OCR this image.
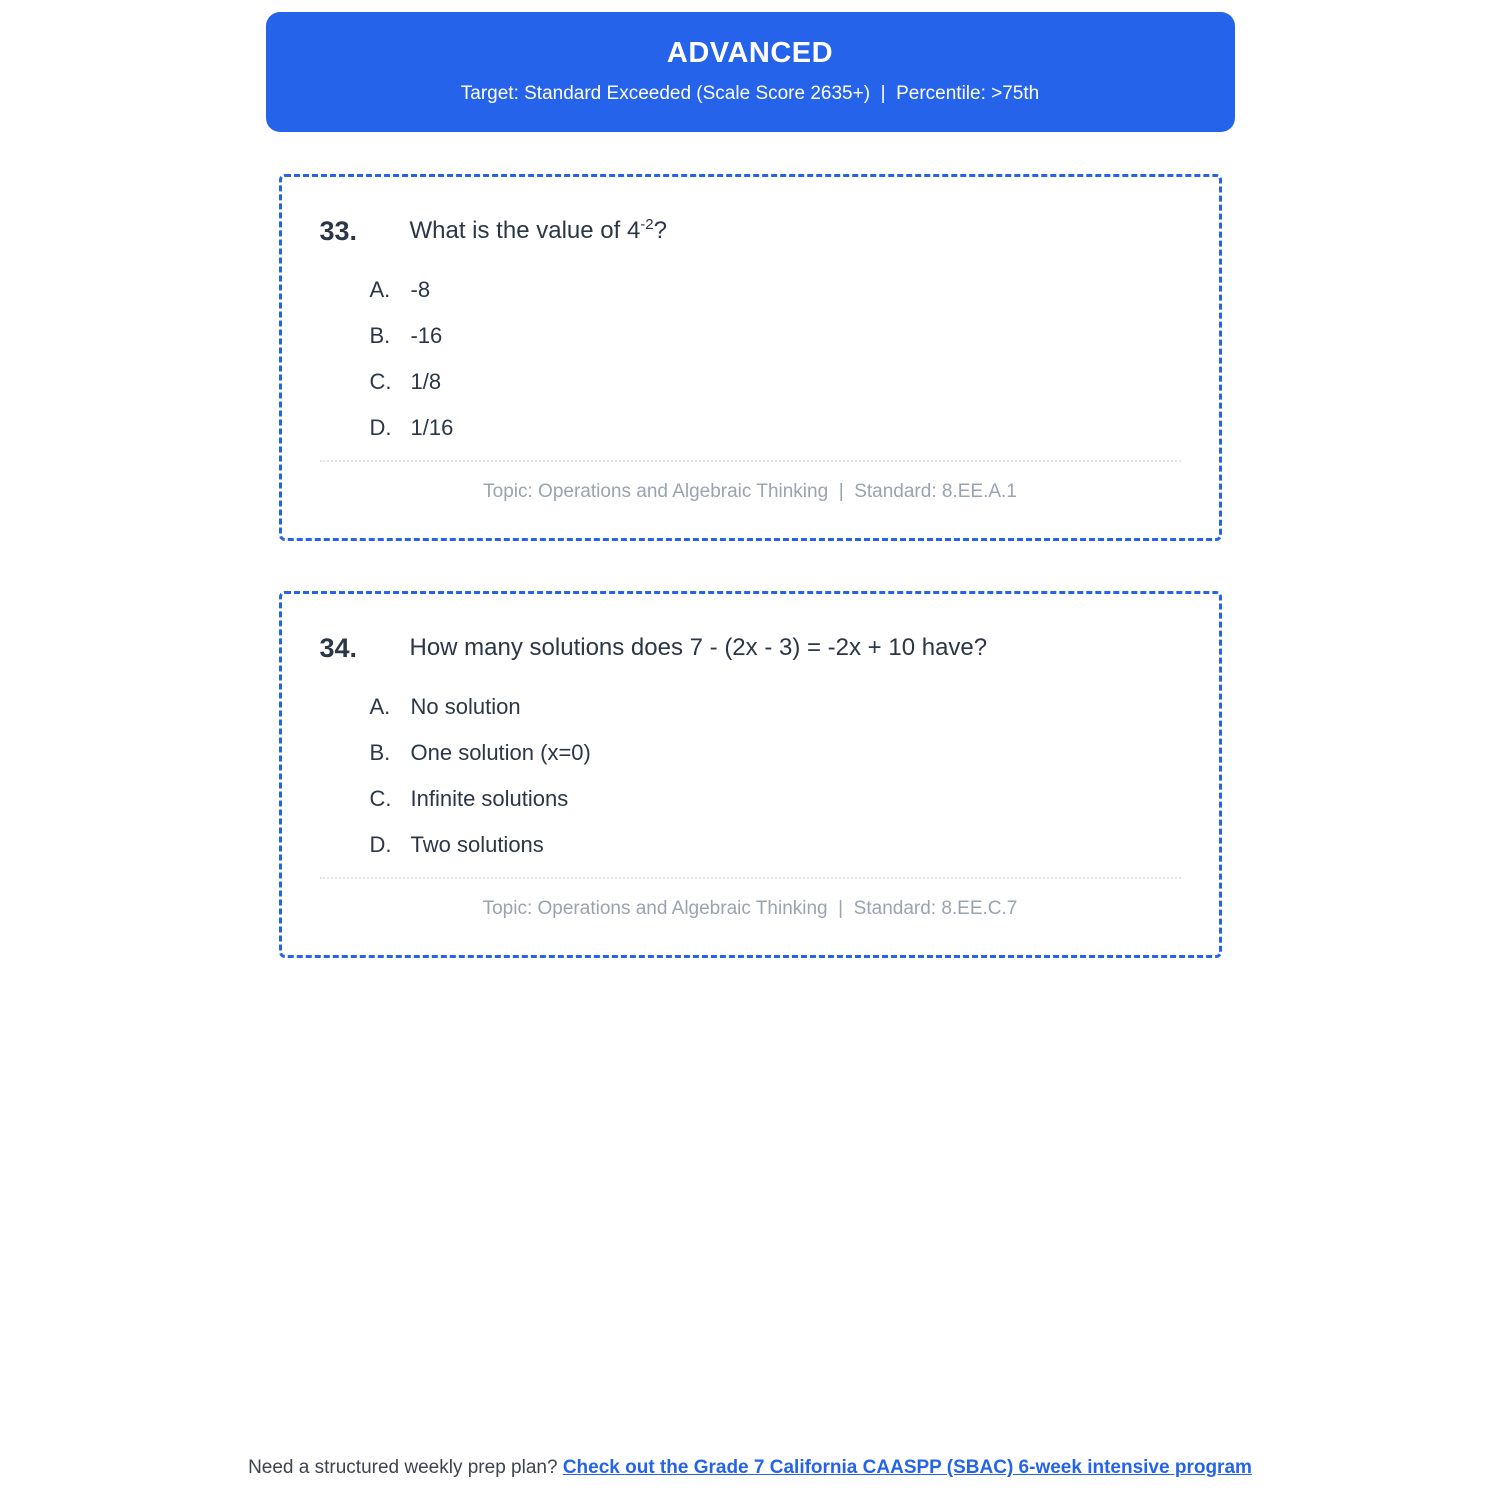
ADVANCED
Target: Standard Exceeded (Scale Score 2635+)  |  Percentile: >75th
33.	What is the value of $4^{-2}$?
A. -8
B. -16
C. 1/8
D. 1/16
Topic: Operations and Algebraic Thinking  |  Standard: 8.EE.A.1
34.	How many solutions does 7 - (2x - 3) = -2x + 10 have?
A. No solution
B. One solution (x=0)
C. Infinite solutions
D. Two solutions
Topic: Operations and Algebraic Thinking  |  Standard: 8.EE.C.7
Need a structured weekly prep plan? Check out the Grade 7 California CAASPP (SBAC) 6-week intensive program
